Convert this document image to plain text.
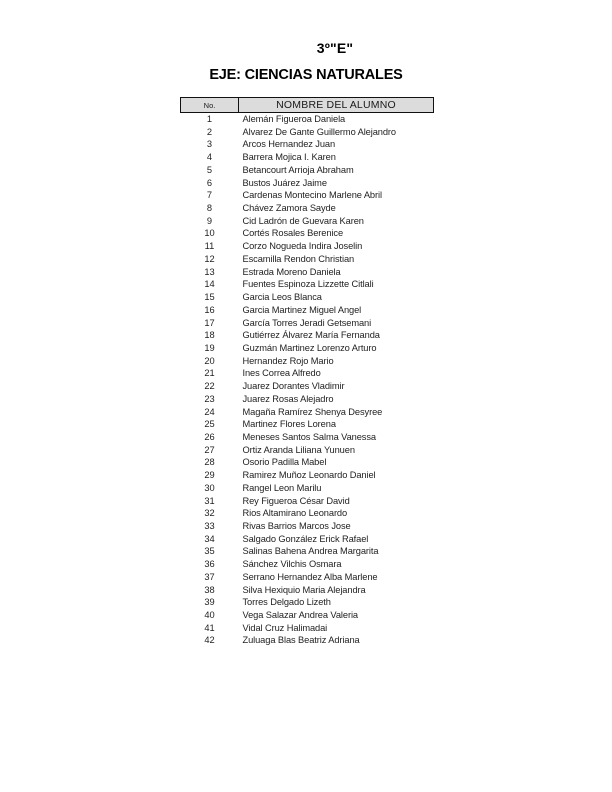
3º"E"
EJE: CIENCIAS NATURALES
No.	NOMBRE DEL ALUMNO
1	Alemán Figueroa Daniela
2	Alvarez De Gante Guillermo Alejandro
3	Arcos Hernandez Juan
4	Barrera Mojica I. Karen
5	Betancourt Arrioja Abraham
6	Bustos Juárez Jaime
7	Cardenas Montecino Marlene Abril
8	Chávez Zamora Sayde
9	Cid Ladrón de Guevara Karen
10	Cortés Rosales Berenice
11	Corzo Nogueda Indira Joselin
12	Escamilla Rendon Christian
13	Estrada Moreno Daniela
14	Fuentes Espinoza Lizzette Citlali
15	Garcia Leos Blanca
16	Garcia Martinez Miguel Angel
17	García Torres Jeradi Getsemani
18	Gutiérrez Álvarez María Fernanda
19	Guzmán Martinez Lorenzo Arturo
20	Hernandez Rojo Mario
21	Ines Correa Alfredo
22	Juarez Dorantes Vladimir
23	Juarez Rosas Alejadro
24	Magaña Ramírez Shenya Desyree
25	Martinez Flores Lorena
26	Meneses Santos Salma Vanessa
27	Ortiz Aranda Liliana Yunuen
28	Osorio Padilla Mabel
29	Ramirez Muñoz Leonardo Daniel
30	Rangel Leon Marilu
31	Rey Figueroa César David
32	Rios Altamirano Leonardo
33	Rivas Barrios Marcos Jose
34	Salgado González Erick Rafael
35	Salinas Bahena Andrea Margarita
36	Sánchez Vilchis Osmara
37	Serrano Hernandez Alba Marlene
38	Silva Hexiquio Maria Alejandra
39	Torres Delgado Lizeth
40	Vega Salazar Andrea Valeria
41	Vidal Cruz Halimadai
42	Zuluaga Blas Beatriz Adriana
